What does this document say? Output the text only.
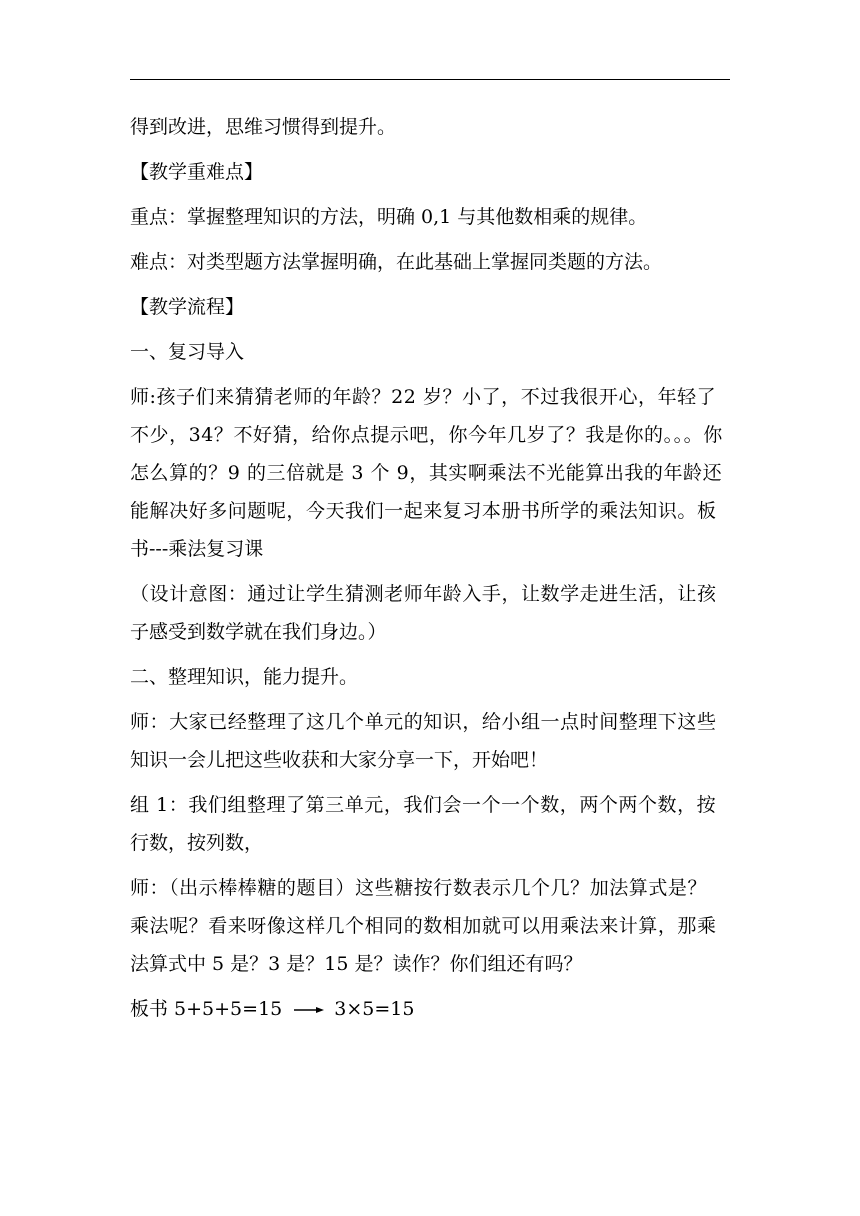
得到改进，思维习惯得到提升。
【教学重难点】
重点：掌握整理知识的方法，明确 0,1 与其他数相乘的规律。
难点：对类型题方法掌握明确，在此基础上掌握同类题的方法。
【教学流程】
一、复习导入
师:孩子们来猜猜老师的年龄？22 岁？小了，不过我很开心，年轻了
不少，34？不好猜，给你点提示吧，你今年几岁了？我是你的。。。你
怎么算的？9 的三倍就是 3 个 9，其实啊乘法不光能算出我的年龄还
能解决好多问题呢，今天我们一起来复习本册书所学的乘法知识。板
书---乘法复习课
（设计意图：通过让学生猜测老师年龄入手，让数学走进生活，让孩
子感受到数学就在我们身边。）
二、整理知识，能力提升。
师：大家已经整理了这几个单元的知识，给小组一点时间整理下这些
知识一会儿把这些收获和大家分享一下，开始吧！
组 1：我们组整理了第三单元，我们会一个一个数，两个两个数，按
行数，按列数，
师：（出示棒棒糖的题目）这些糖按行数表示几个几？加法算式是？
乘法呢？看来呀像这样几个相同的数相加就可以用乘法来计算，那乘
法算式中 5 是？3 是？15 是？读作？你们组还有吗？
板书 5+5+5=15	3×5=15
